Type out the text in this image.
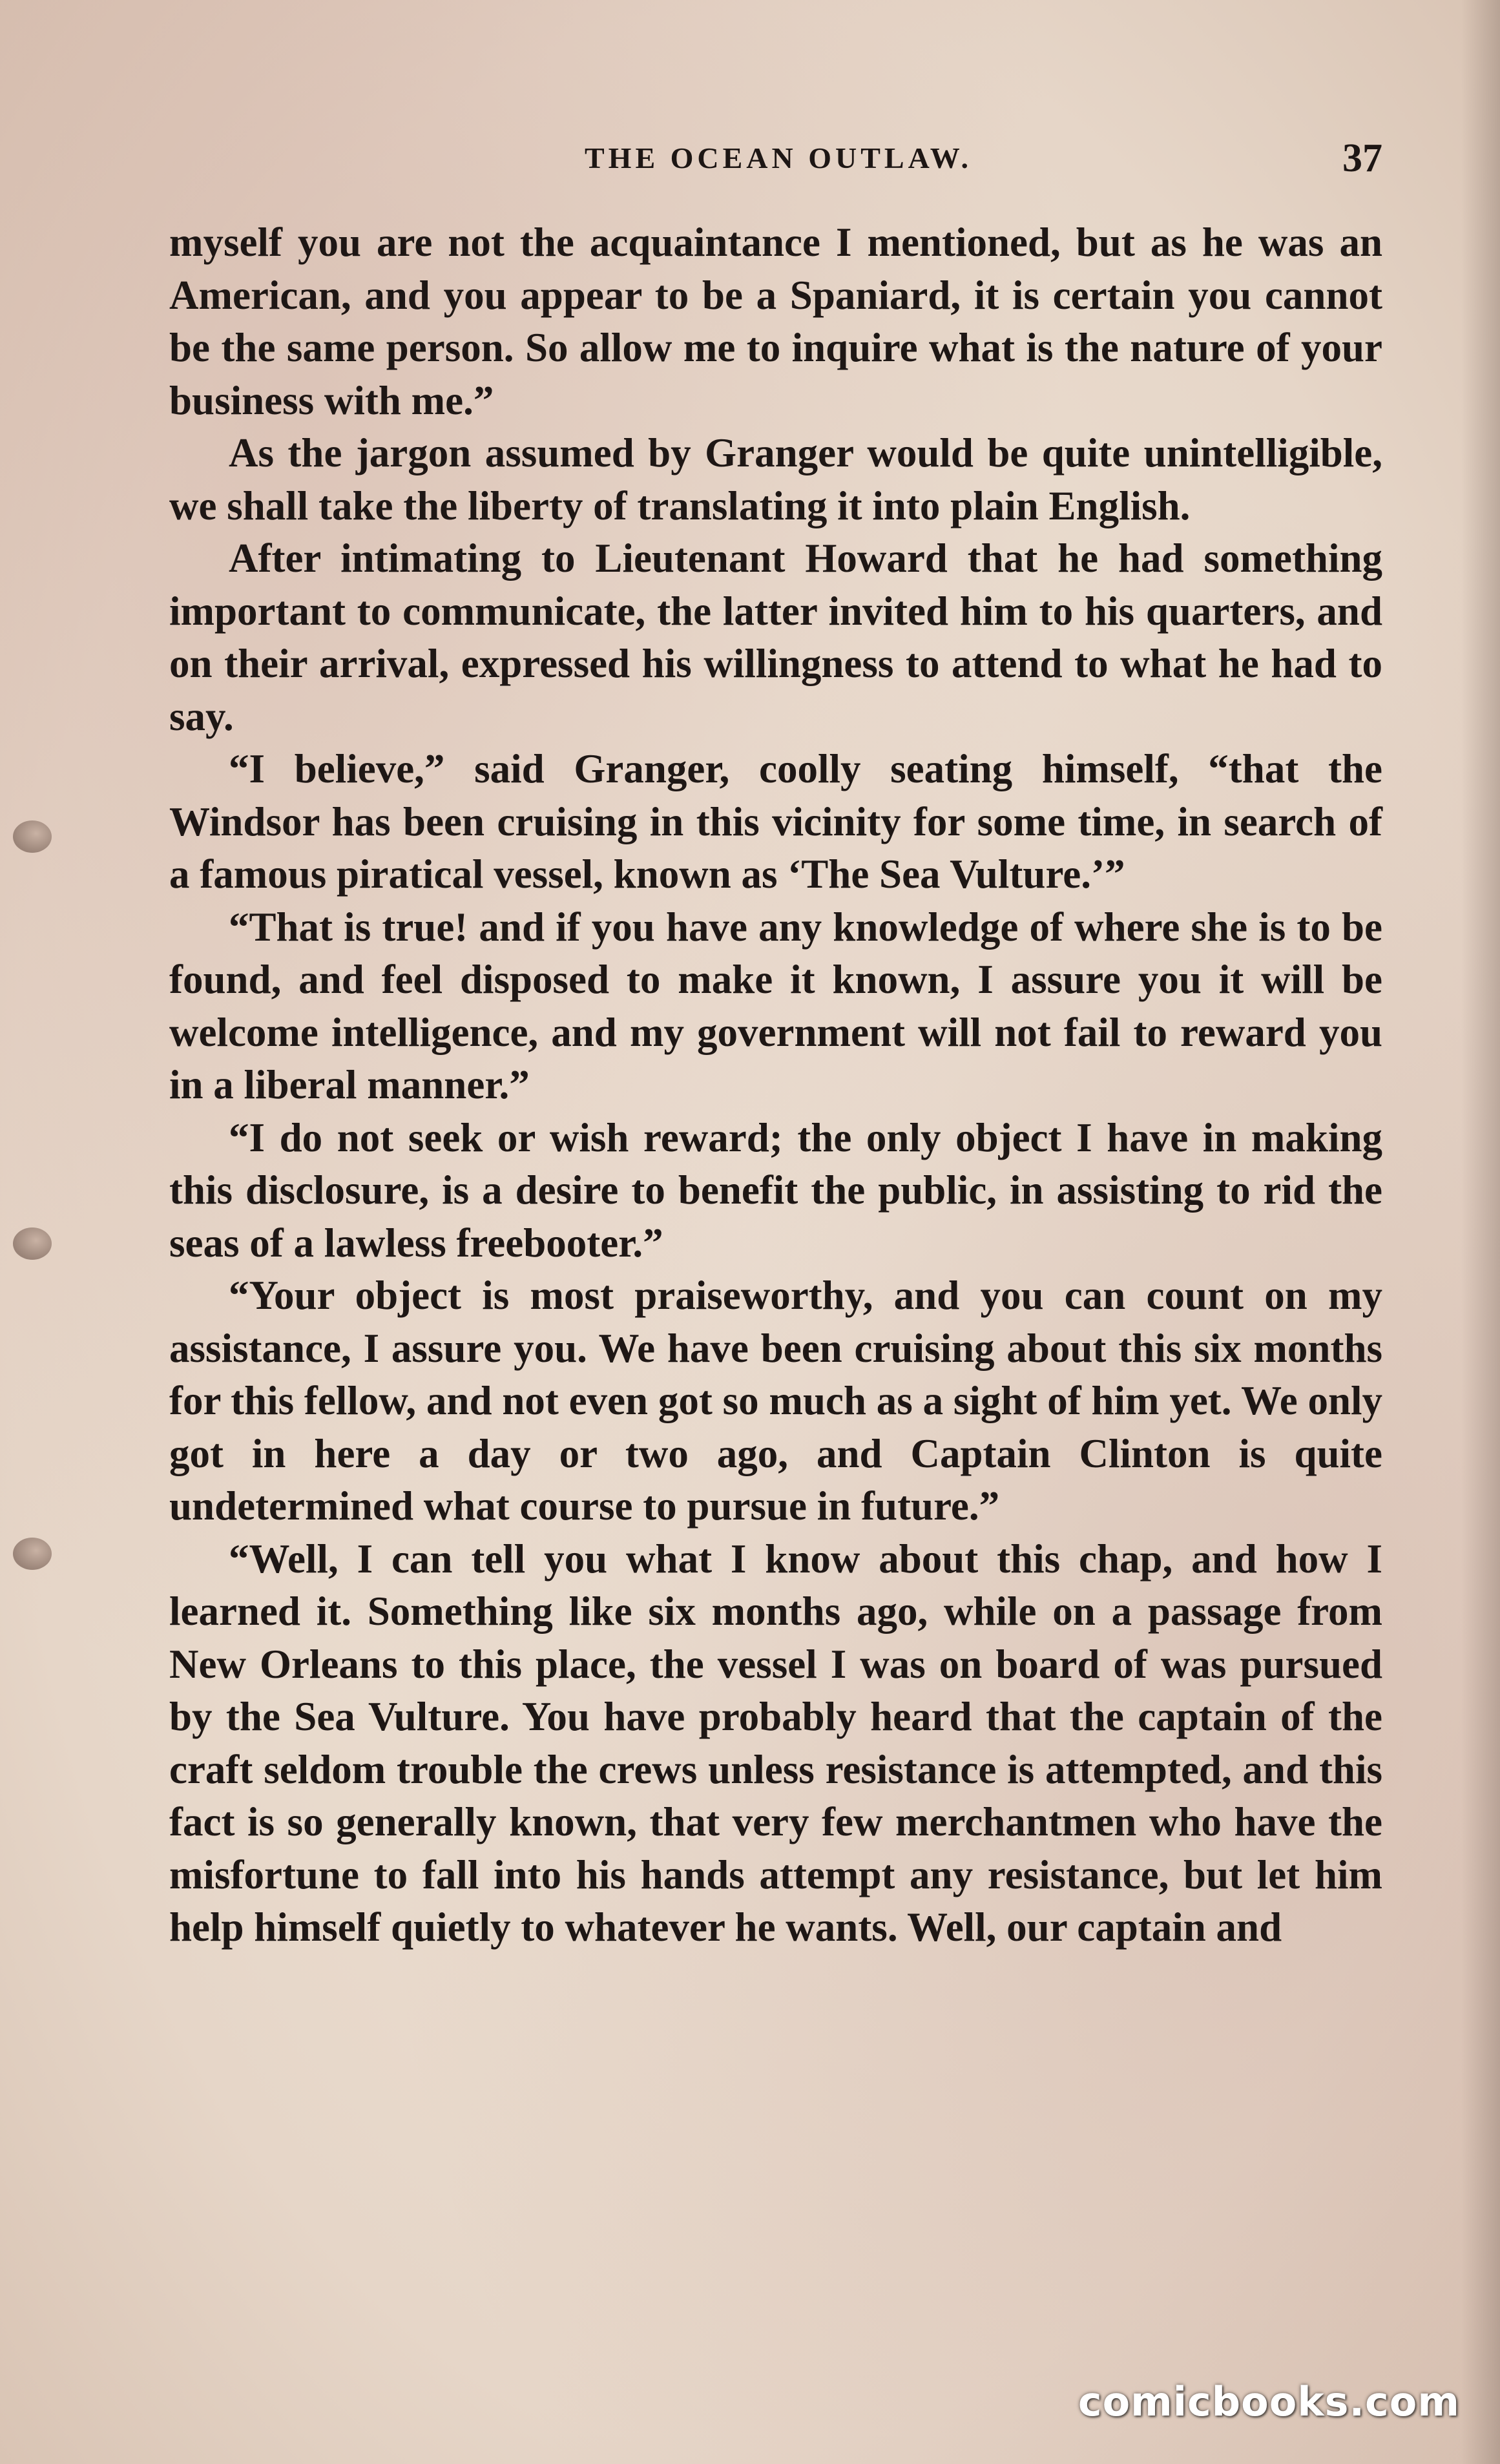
THE OCEAN OUTLAW.	37

myself you are not the acquaintance I mentioned, but as he was an American, and you appear to be a Spaniard, it is certain you cannot be the same person. So allow me to inquire what is the nature of your business with me.”

As the jargon assumed by Granger would be quite unintelligible, we shall take the liberty of translating it into plain English.

After intimating to Lieutenant Howard that he had something important to communicate, the latter invited him to his quarters, and on their arrival, expressed his willingness to attend to what he had to say.

“I believe,” said Granger, coolly seating himself, “that the Windsor has been cruising in this vicinity for some time, in search of a famous piratical vessel, known as ‘The Sea Vulture.’”

“That is true! and if you have any knowledge of where she is to be found, and feel disposed to make it known, I assure you it will be welcome intelligence, and my government will not fail to reward you in a liberal manner.”

“I do not seek or wish reward; the only object I have in making this disclosure, is a desire to benefit the public, in assisting to rid the seas of a lawless freebooter.”

“Your object is most praiseworthy, and you can count on my assistance, I assure you. We have been cruising about this six months for this fellow, and not even got so much as a sight of him yet. We only got in here a day or two ago, and Captain Clinton is quite undetermined what course to pursue in future.”

“Well, I can tell you what I know about this chap, and how I learned it. Something like six months ago, while on a passage from New Orleans to this place, the vessel I was on board of was pursued by the Sea Vulture. You have probably heard that the captain of the craft seldom trouble the crews unless resistance is attempted, and this fact is so generally known, that very few merchantmen who have the misfortune to fall into his hands attempt any resistance, but let him help himself quietly to whatever he wants. Well, our captain and

comicbooks.com
